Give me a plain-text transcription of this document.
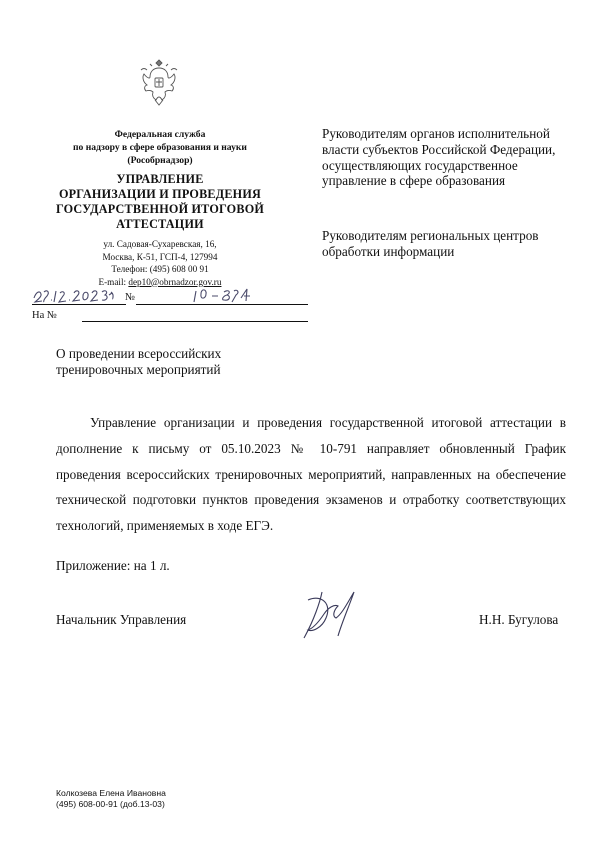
Федеральная служба
по надзору в сфере образования и науки
(Рособрнадзор)
УПРАВЛЕНИЕ
ОРГАНИЗАЦИИ И ПРОВЕДЕНИЯ
ГОСУДАРСТВЕННОЙ ИТОГОВОЙ
АТТЕСТАЦИИ
ул. Садовая-Сухаревская, 16,
Москва, К-51, ГСП-4, 127994
Телефон: (495) 608 00 91
E-mail: dep10@obrnadzor.gov.ru
№
На №
Руководителям органов исполнительной власти субъектов Российской Федерации, осуществляющих государственное управление в сфере образования
Руководителям региональных центров обработки информации
О проведении всероссийских тренировочных мероприятий
Управление организации и проведения государственной итоговой аттестации в дополнение к письму от 05.10.2023 № 10-791 направляет обновленный График проведения всероссийских тренировочных мероприятий, направленных на обеспечение технической подготовки пунктов проведения экзаменов и отработку соответствующих технологий, применяемых в ходе ЕГЭ.
Приложение: на 1 л.
Начальник Управления	Н.Н. Бугулова
Колкозева Елена Ивановна
(495) 608-00-91 (доб.13-03)
